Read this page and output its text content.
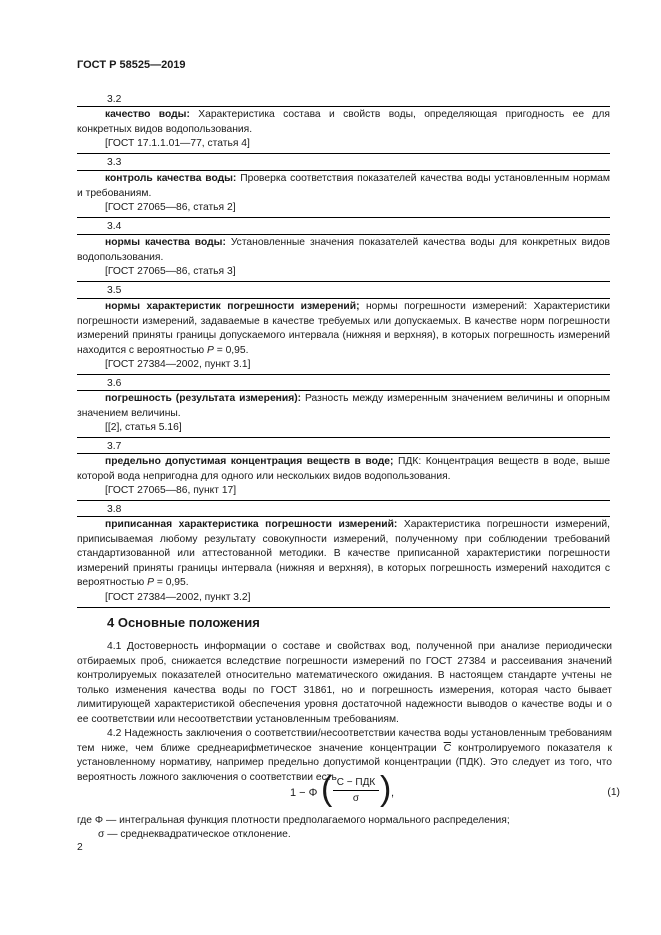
ГОСТ Р 58525—2019
3.2

качество воды: Характеристика состава и свойств воды, определяющая пригодность ее для конкретных видов водопользования.

[ГОСТ 17.1.1.01—77, статья 4]

3.3

контроль качества воды: Проверка соответствия показателей качества воды установленным нормам и требованиям.

[ГОСТ 27065—86, статья 2]

3.4

нормы качества воды: Установленные значения показателей качества воды для конкретных видов водопользования.

[ГОСТ 27065—86, статья 3]

3.5

нормы характеристик погрешности измерений; нормы погрешности измерений: Характеристики погрешности измерений, задаваемые в качестве требуемых или допускаемых. В качестве норм погрешности измерений приняты границы допускаемого интервала (нижняя и верхняя), в которых погрешность измерений находится с вероятностью P = 0,95.

[ГОСТ 27384—2002, пункт 3.1]

3.6

погрешность (результата измерения): Разность между измеренным значением величины и опорным значением величины.

[[2], статья 5.16]

3.7

предельно допустимая концентрация веществ в воде; ПДК: Концентрация веществ в воде, выше которой вода непригодна для одного или нескольких видов водопользования.

[ГОСТ 27065—86, пункт 17]

3.8

приписанная характеристика погрешности измерений: Характеристика погрешности измерений, приписываемая любому результату совокупности измерений, полученному при соблюдении требований стандартизованной или аттестованной методики. В качестве приписанной характеристики погрешности измерений приняты границы интервала (нижняя и верхняя), в которых погрешность измерений находится с вероятностью P = 0,95.

[ГОСТ 27384—2002, пункт 3.2]

4 Основные положения

4.1 Достоверность информации о составе и свойствах вод, полученной при анализе периодически отбираемых проб, снижается вследствие погрешности измерений по ГОСТ 27384 и рассеивания значений контролируемых показателей относительно математического ожидания. В настоящем стандарте учтены не только изменения качества воды по ГОСТ 31861, но и погрешность измерения, которая часто бывает лимитирующей характеристикой обеспечения уровня достаточной надежности выводов о качестве воды и о ее соответствии или несоответствии установленным требованиям.

4.2 Надежность заключения о соответствии/несоответствии качества воды установленным требованиям тем ниже, чем ближе среднеарифметическое значение концентрации $\overline{C}$ контролируемого показателя к установленному нормативу, например предельно допустимой концентрации (ПДК). Это следует из того, что вероятность ложного заключения о соответствии есть

1 − Φ ( C − ПДК
σ ) ,	(1)

где Φ — интегральная функция плотности предполагаемого нормального распределения;

σ — среднеквадратическое отклонение.

2
